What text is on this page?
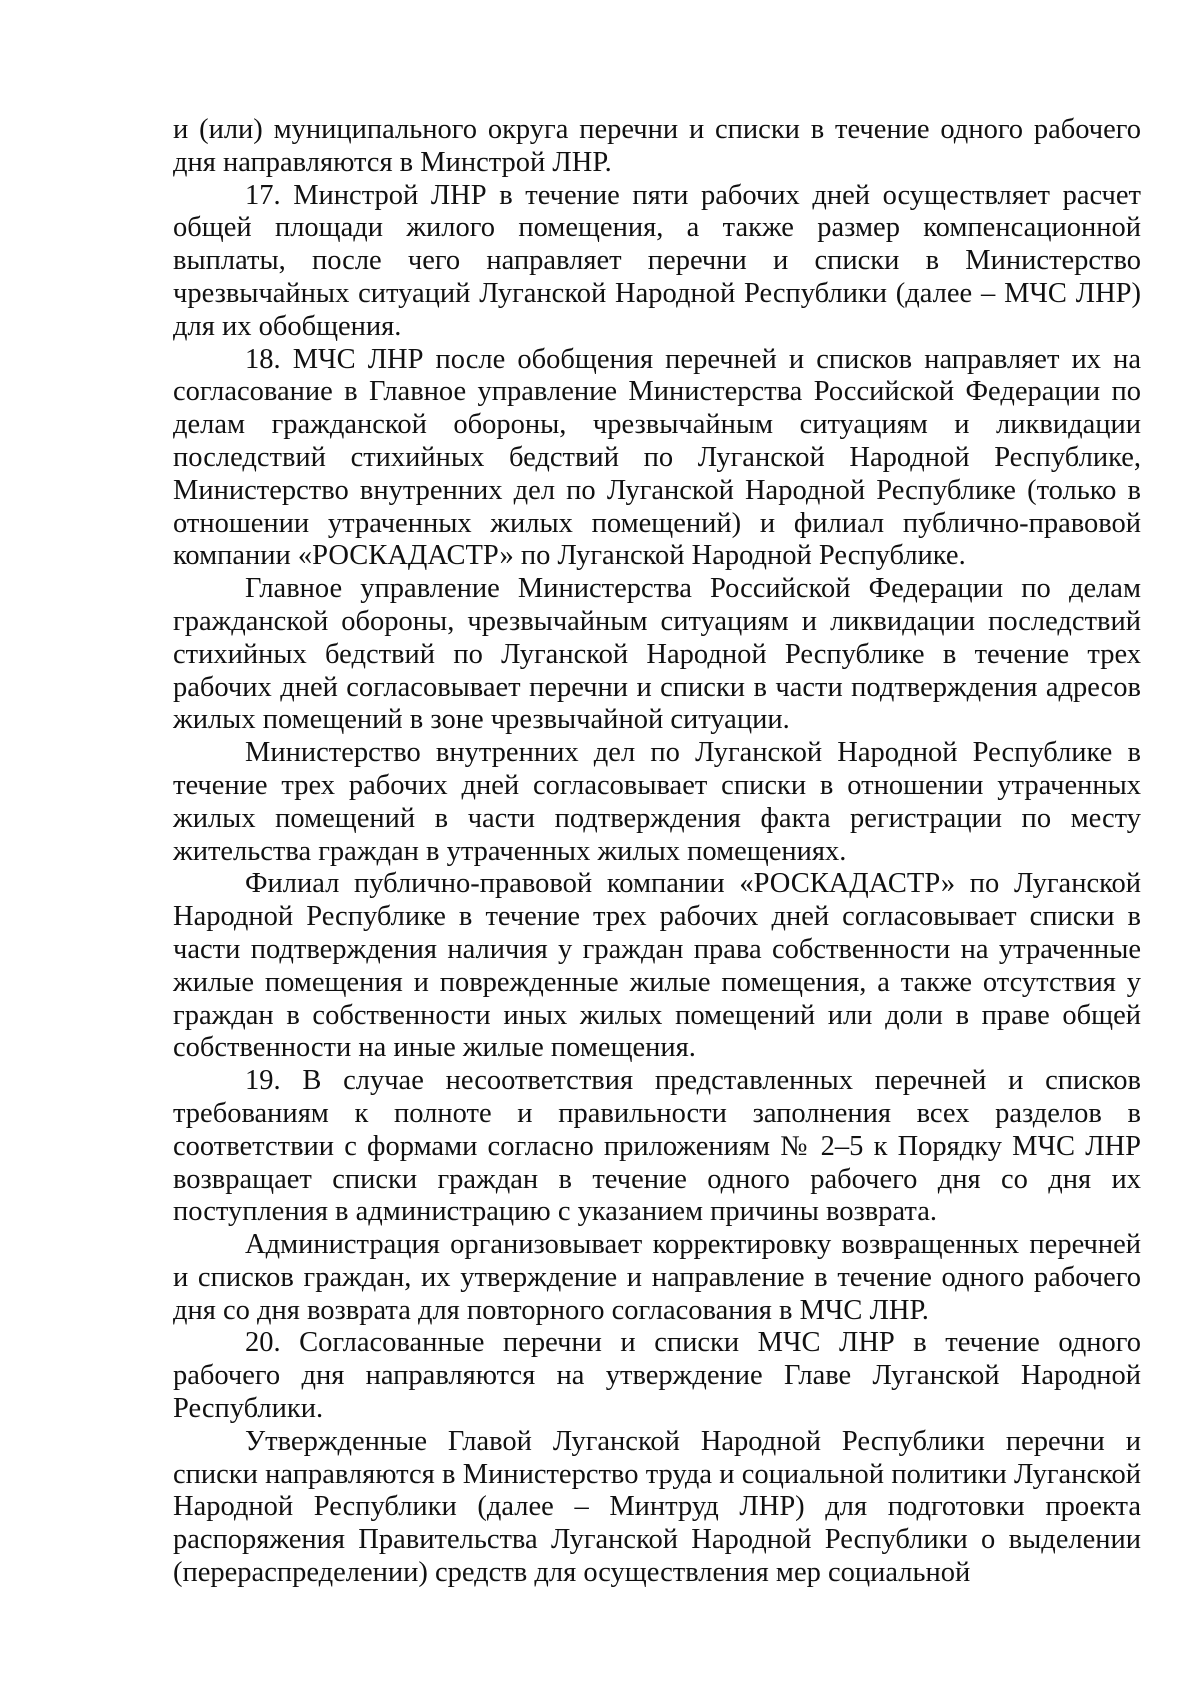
и (или) муниципального округа перечни и списки в течение одного рабочего дня направляются в Минстрой ЛНР.

17. Минстрой ЛНР в течение пяти рабочих дней осуществляет расчет общей площади жилого помещения, а также размер компенсационной выплаты, после чего направляет перечни и списки в Министерство чрезвычайных ситуаций Луганской Народной Республики (далее – МЧС ЛНР) для их обобщения.

18. МЧС ЛНР после обобщения перечней и списков направляет их на согласование в Главное управление Министерства Российской Федерации по делам гражданской обороны, чрезвычайным ситуациям и ликвидации последствий стихийных бедствий по Луганской Народной Республике, Министерство внутренних дел по Луганской Народной Республике (только в отношении утраченных жилых помещений) и филиал публично-правовой компании «РОСКАДАСТР» по Луганской Народной Республике.

Главное управление Министерства Российской Федерации по делам гражданской обороны, чрезвычайным ситуациям и ликвидации последствий стихийных бедствий по Луганской Народной Республике в течение трех рабочих дней согласовывает перечни и списки в части подтверждения адресов жилых помещений в зоне чрезвычайной ситуации.

Министерство внутренних дел по Луганской Народной Республике в течение трех рабочих дней согласовывает списки в отношении утраченных жилых помещений в части подтверждения факта регистрации по месту жительства граждан в утраченных жилых помещениях.

Филиал публично-правовой компании «РОСКАДАСТР» по Луганской Народной Республике в течение трех рабочих дней согласовывает списки в части подтверждения наличия у граждан права собственности на утраченные жилые помещения и поврежденные жилые помещения, а также отсутствия у граждан в собственности иных жилых помещений или доли в праве общей собственности на иные жилые помещения.

19. В случае несоответствия представленных перечней и списков требованиям к полноте и правильности заполнения всех разделов в соответствии с формами согласно приложениям № 2–5 к Порядку МЧС ЛНР возвращает списки граждан в течение одного рабочего дня со дня их поступления в администрацию с указанием причины возврата.

Администрация организовывает корректировку возвращенных перечней и списков граждан, их утверждение и направление в течение одного рабочего дня со дня возврата для повторного согласования в МЧС ЛНР.

20. Согласованные перечни и списки МЧС ЛНР в течение одного рабочего дня направляются на утверждение Главе Луганской Народной Республики.

Утвержденные Главой Луганской Народной Республики перечни и списки направляются в Министерство труда и социальной политики Луганской Народной Республики (далее – Минтруд ЛНР) для подготовки проекта распоряжения Правительства Луганской Народной Республики о выделении (перераспределении) средств для осуществления мер социальной
